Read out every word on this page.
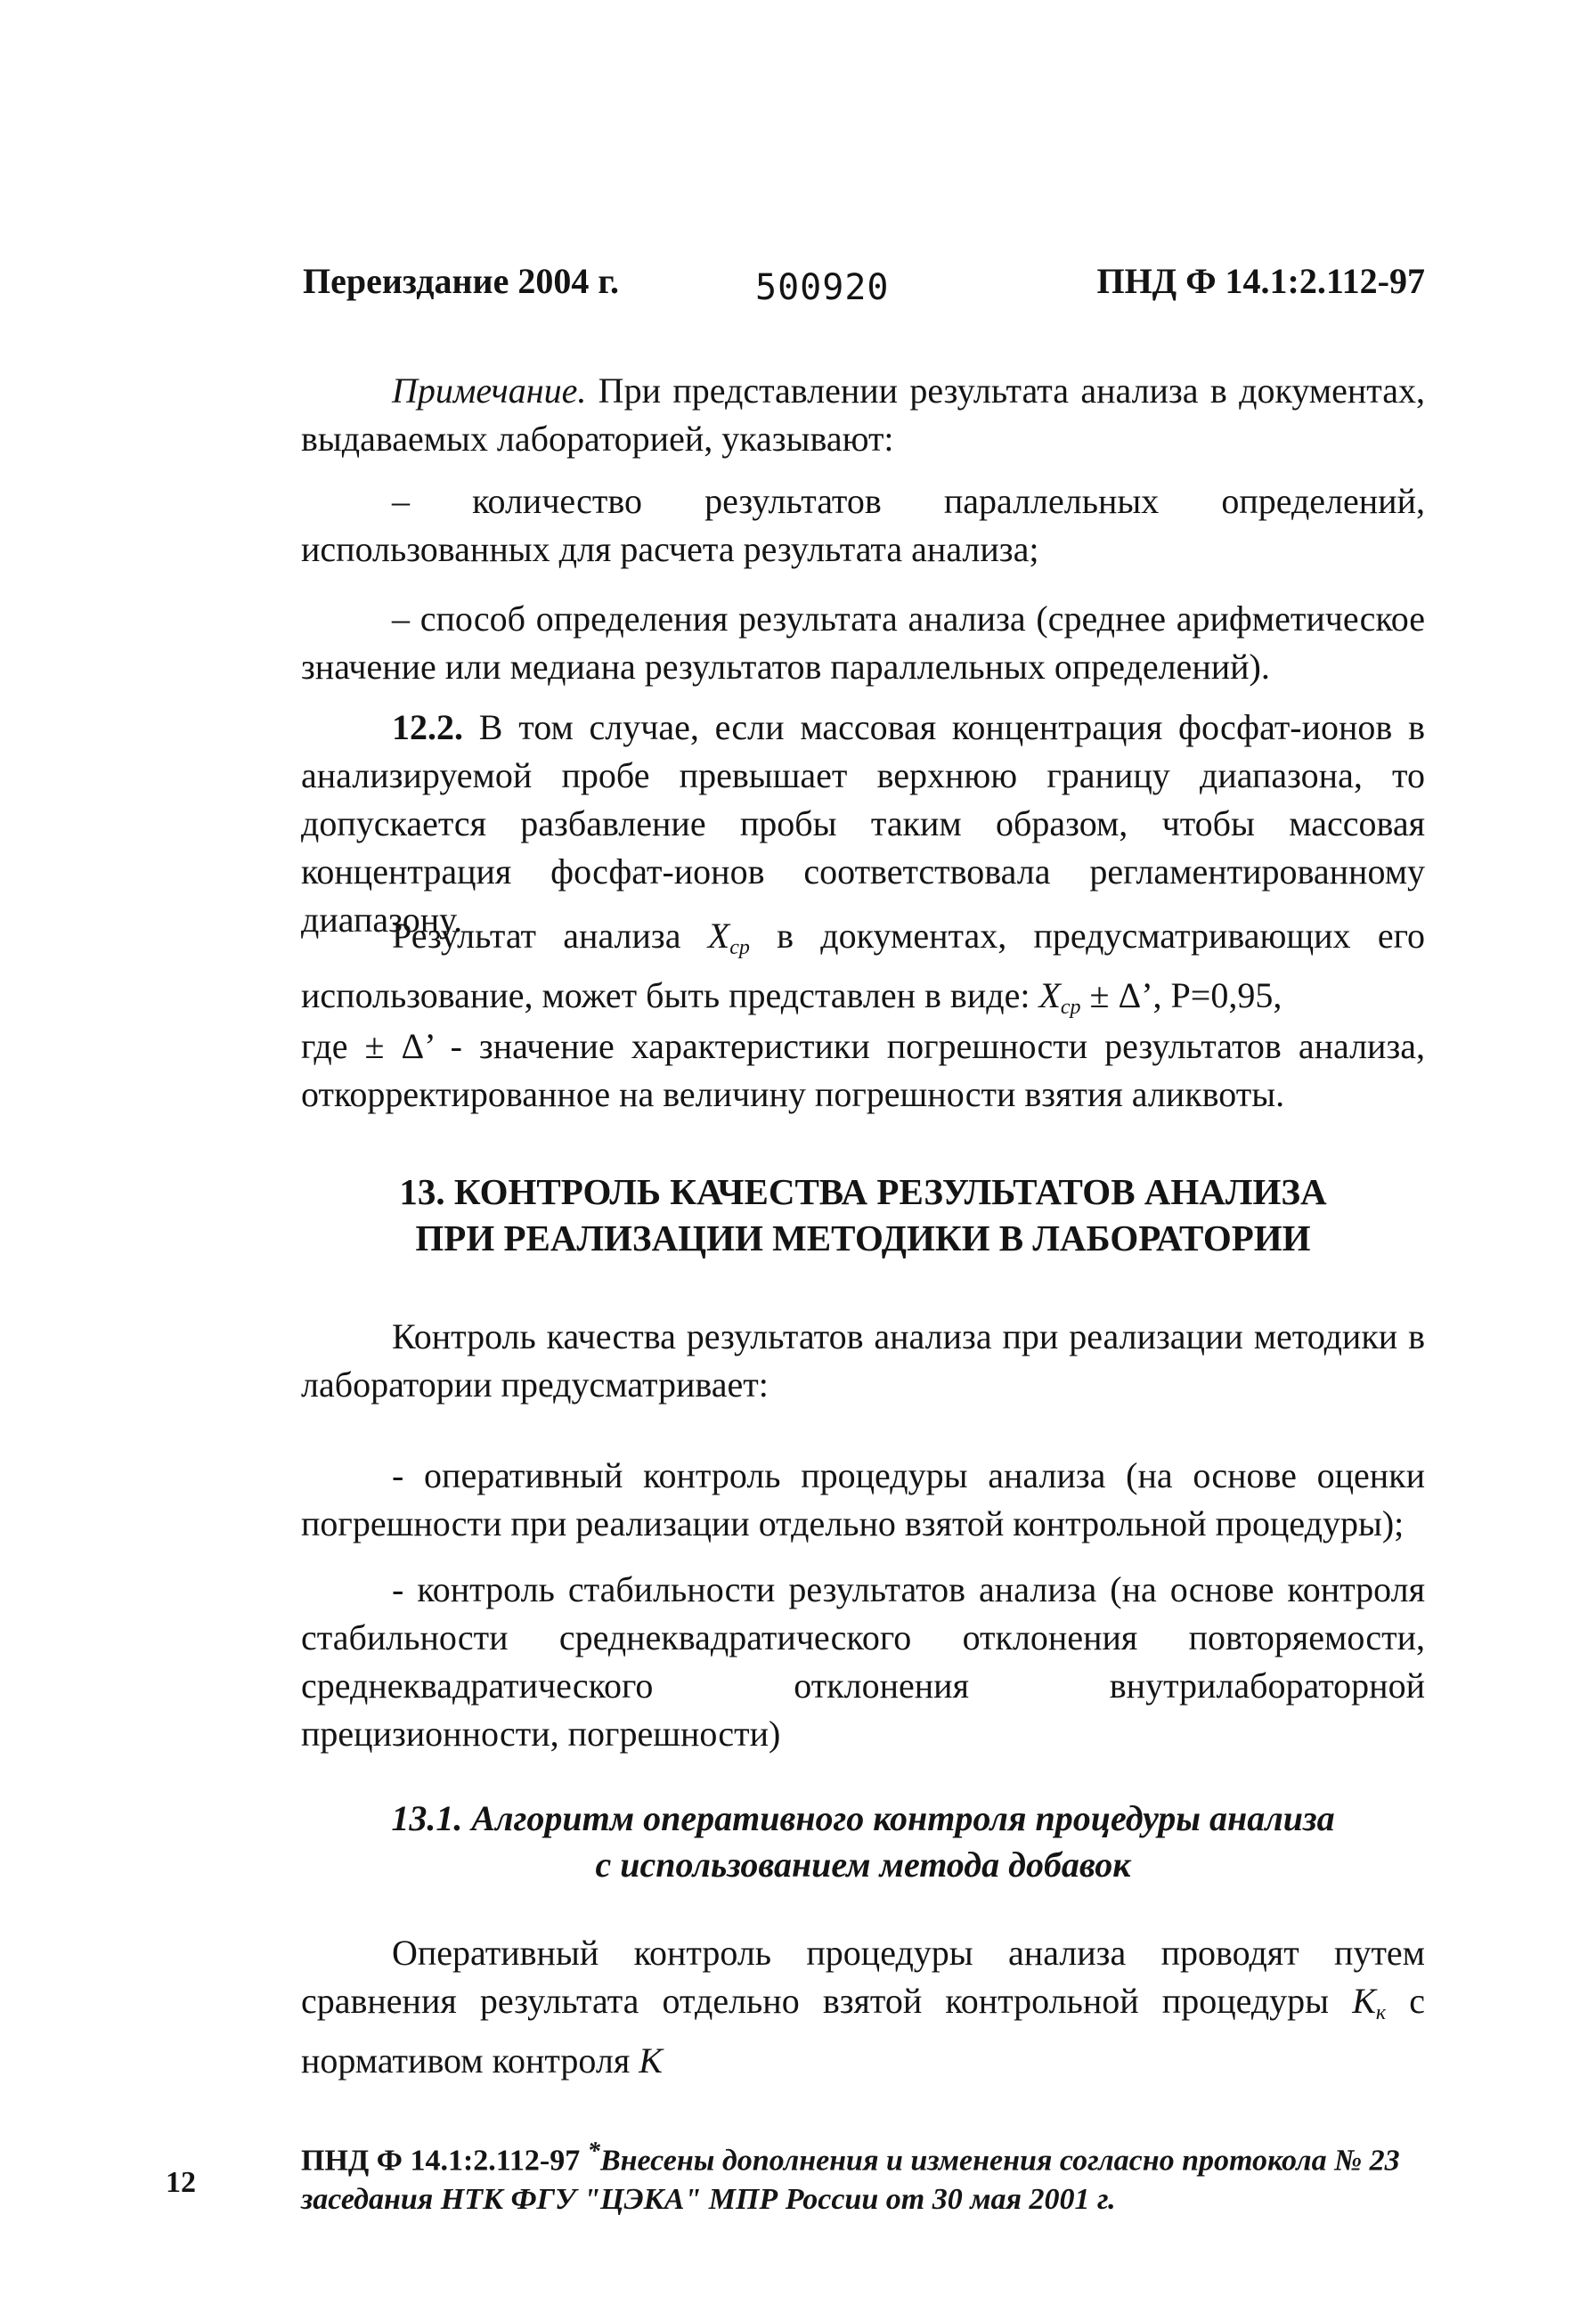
Переиздание 2004 г.	500920	ПНД Ф 14.1:2.112-97

Примечание. При представлении результата анализа в документах, выдаваемых лабораторией, указывают:

– количество результатов параллельных определений, использованных для расчета результата анализа;

– способ определения результата анализа (среднее арифметическое значение или медиана результатов параллельных определений).

12.2. В том случае, если массовая концентрация фосфат-ионов в анализируемой пробе превышает верхнюю границу диапазона, то допускается разбавление пробы таким образом, чтобы массовая концентрация фосфат-ионов соответствовала регламентированному диапазону.

Результат анализа $X_{ср}$ в документах, предусматривающих его использование, может быть представлен в виде: $X_{ср} \pm \Delta$’, Р=0,95,

где ± Δ’ - значение характеристики погрешности результатов анализа, откорректированное на величину погрешности взятия аликвоты.

13. КОНТРОЛЬ КАЧЕСТВА РЕЗУЛЬТАТОВ АНАЛИЗА
ПРИ РЕАЛИЗАЦИИ МЕТОДИКИ В ЛАБОРАТОРИИ

Контроль качества результатов анализа при реализации методики в лаборатории предусматривает:

- оперативный контроль процедуры анализа (на основе оценки погрешности при реализации отдельно взятой контрольной процедуры);

- контроль стабильности результатов анализа (на основе контроля стабильности среднеквадратического отклонения повторяемости, среднеквадратического отклонения внутрилабораторной прецизионности, погрешности)

13.1. Алгоритм оперативного контроля процедуры анализа
с использованием метода добавок

Оперативный контроль процедуры анализа проводят путем сравнения результата отдельно взятой контрольной процедуры $K_к$ с нормативом контроля K

ПНД Ф 14.1:2.112-97 *Внесены дополнения и изменения согласно протокола № 23 заседания НТК ФГУ "ЦЭКА" МПР России от 30 мая 2001 г.
12
